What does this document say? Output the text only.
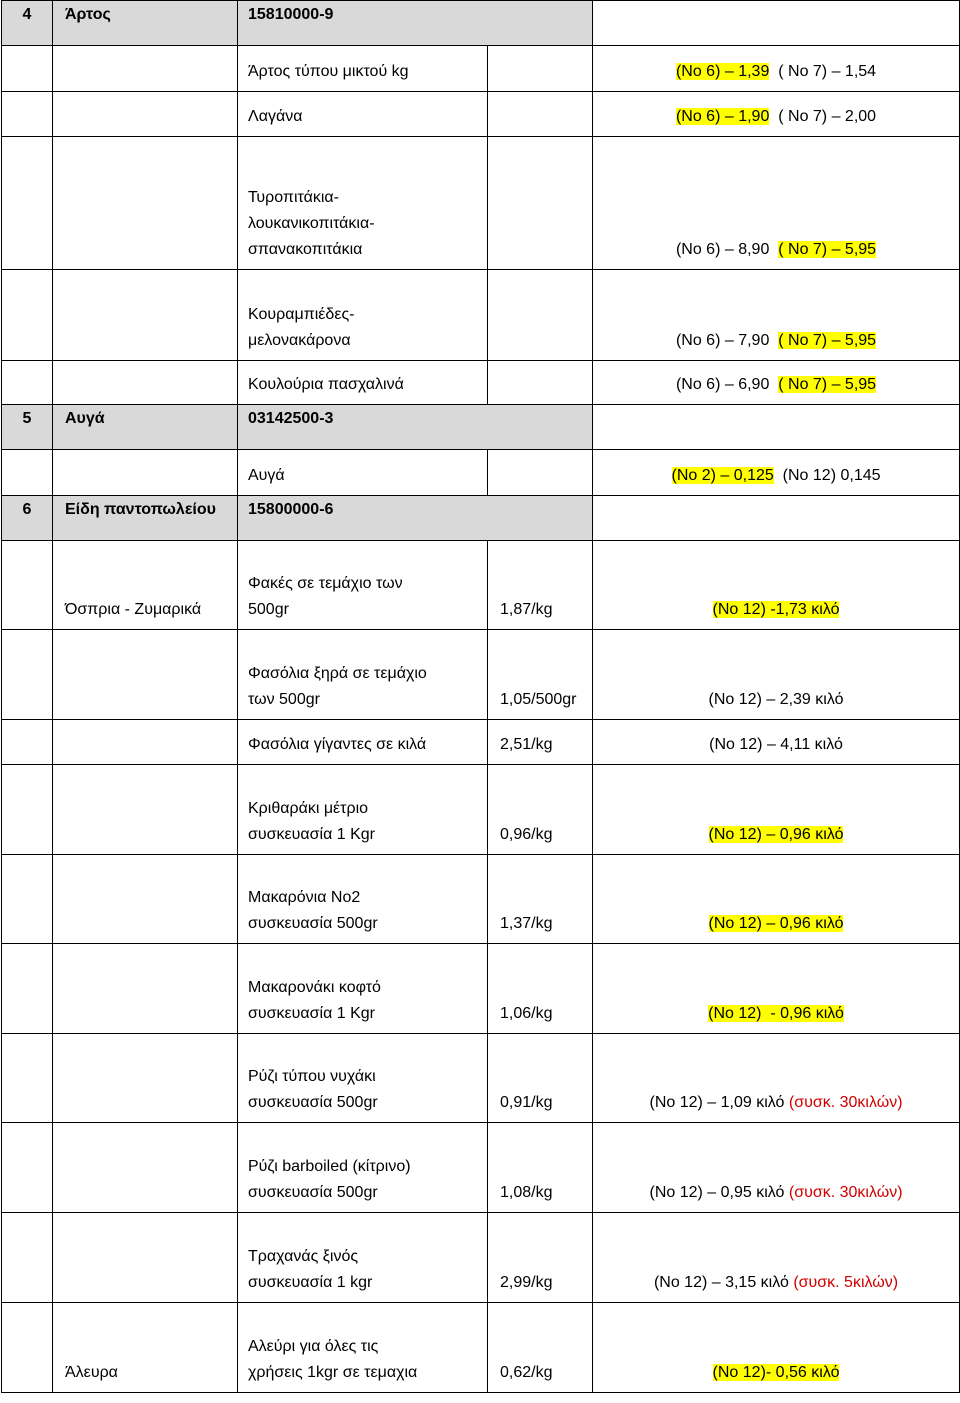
4	Άρτος	15810000-9		

		Άρτος τύπου μικτού kg		(Νο 6) – 1,39  ( Νο 7) – 1,54

		Λαγάνα		(Νο 6) – 1,90  ( Νο 7) – 2,00

		Τυροπιτάκια-
λουκανικοπιτάκια-
σπανακοπιτάκια		(Νο 6) – 8,90  ( Νο 7) – 5,95

		Κουραμπιέδες-
μελονακάρονα		(Νο 6) – 7,90  ( Νο 7) – 5,95

		Κουλούρια πασχαλινά		(Νο 6) – 6,90  ( Νο 7) – 5,95
5	Αυγά	03142500-3		

		Αυγά		(Νο 2) – 0,125  (Νο 12) 0,145
6	Είδη παντοπωλείου	15800000-6		
	Όσπρια - Ζυμαρικά	Φακές σε τεμάχιο των
500gr	1,87/kg	(Νο 12) -1,73 κιλό

		Φασόλια ξηρά σε τεμάχιο
των 500gr	1,05/500gr	(Νο 12) – 2,39 κιλό

		Φασόλια γίγαντες σε κιλά	2,51/kg	(Νο 12) – 4,11 κιλό

		Κριθαράκι μέτριο
συσκευασία 1 Kgr	0,96/kg	(Νο 12) – 0,96 κιλό

		Μακαρόνια Νο2
συσκευασία 500gr	1,37/kg	(Νο 12) – 0,96 κιλό

		Μακαρονάκι κοφτό
συσκευασία 1 Kgr	1,06/kg	(Νο 12)  - 0,96 κιλό

		Ρύζι τύπου νυχάκι
συσκευασία 500gr	0,91/kg	(Νο 12) – 1,09 κιλό (συσκ. 30κιλών)

		Ρύζι barboiled (κίτρινο)
συσκευασία 500gr	1,08/kg	(Νο 12) – 0,95 κιλό (συσκ. 30κιλών)

		Τραχανάς ξινός
συσκευασία 1 kgr	2,99/kg	(Νο 12) – 3,15 κιλό (συσκ. 5κιλών)
	Άλευρα	Αλεύρι για όλες τις
χρήσεις 1kgr σε τεμαχια	0,62/kg	(Νο 12)- 0,56 κιλό
